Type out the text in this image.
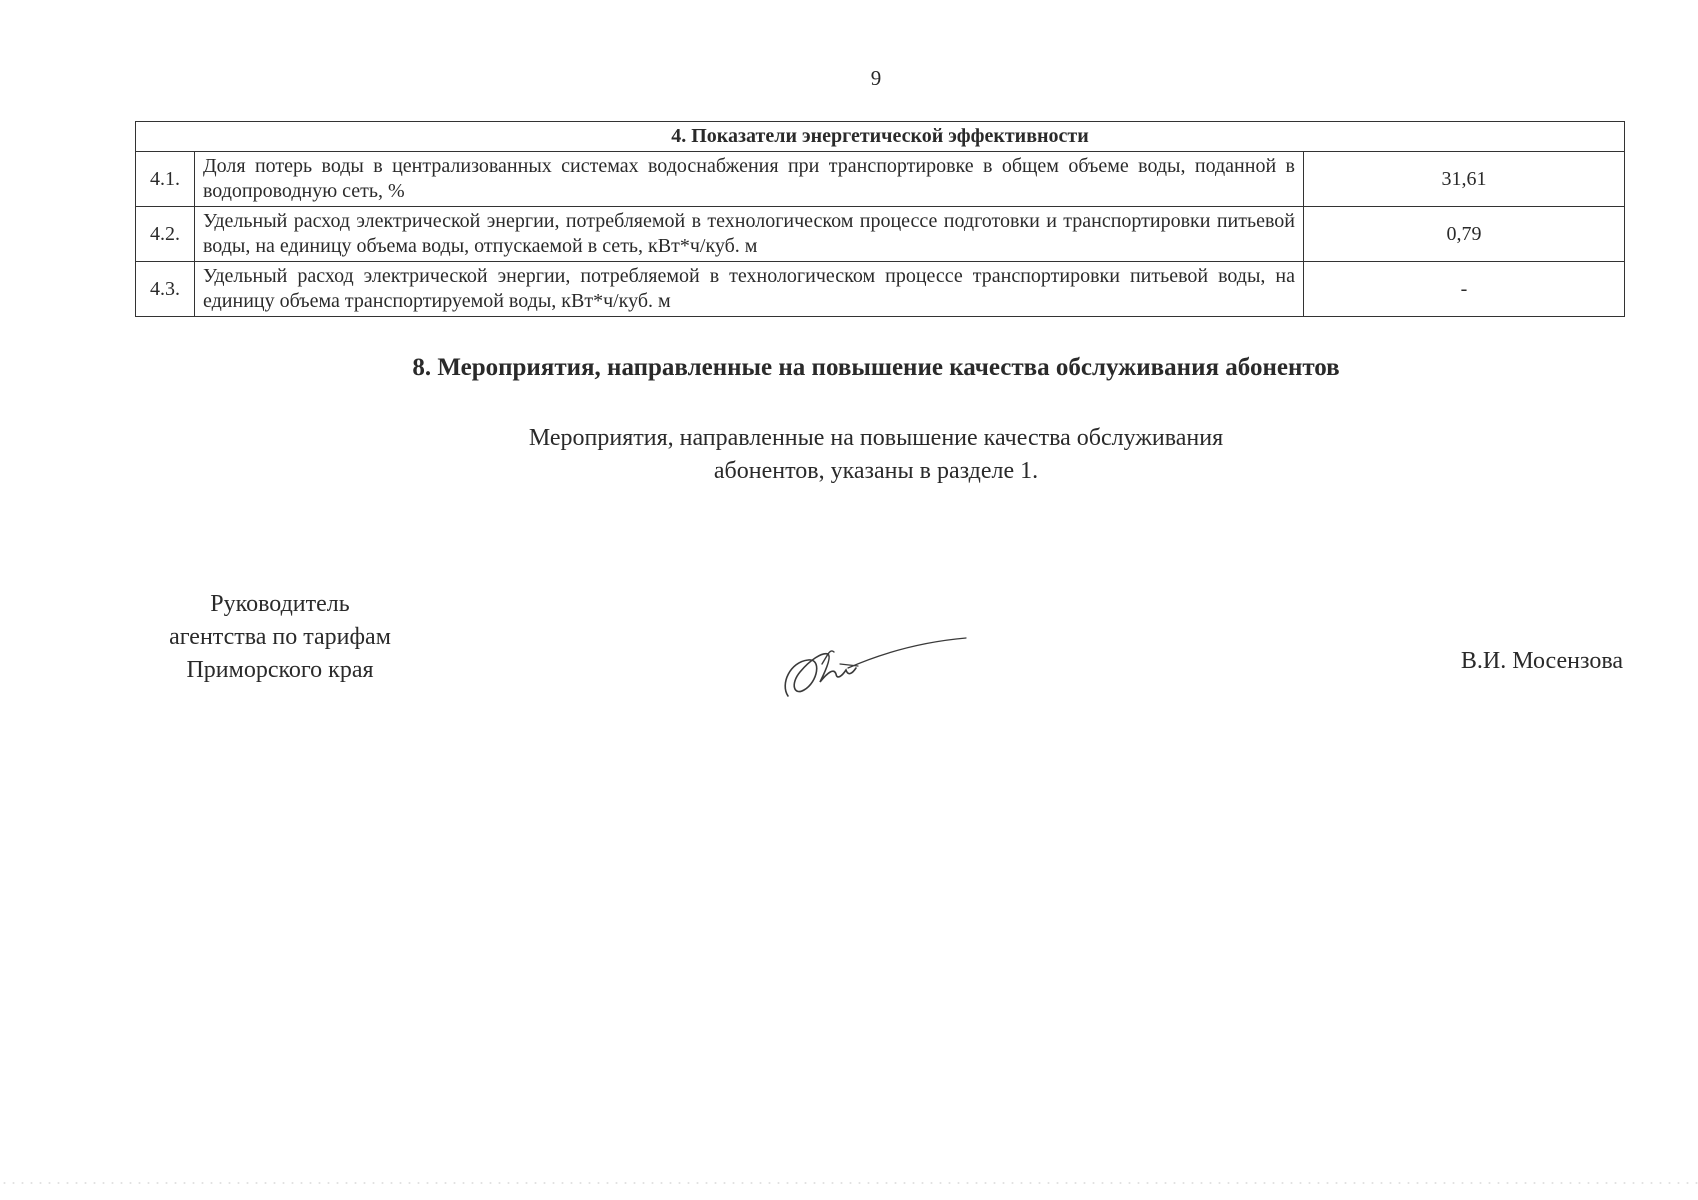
9
4. Показатели энергетической эффективности		
4.1.	Доля потерь воды в централизованных системах водоснабжения при транспортировке в общем объеме воды, поданной в водопроводную сеть, %	31,61
4.2.	Удельный расход электрической энергии, потребляемой в технологическом процессе подготовки и транспортировки питьевой воды, на единицу объема воды, отпускаемой в сеть, кВт*ч/куб. м	0,79
4.3.	Удельный расход электрической энергии, потребляемой в технологическом процессе транспортировки питьевой воды, на единицу объема транспортируемой воды, кВт*ч/куб. м	-
8. Мероприятия, направленные на повышение качества обслуживания абонентов
Мероприятия, направленные на повышение качества обслуживания
абонентов, указаны в разделе 1.
Руководитель
агентства по тарифам
Приморского края	В.И. Мосензова
